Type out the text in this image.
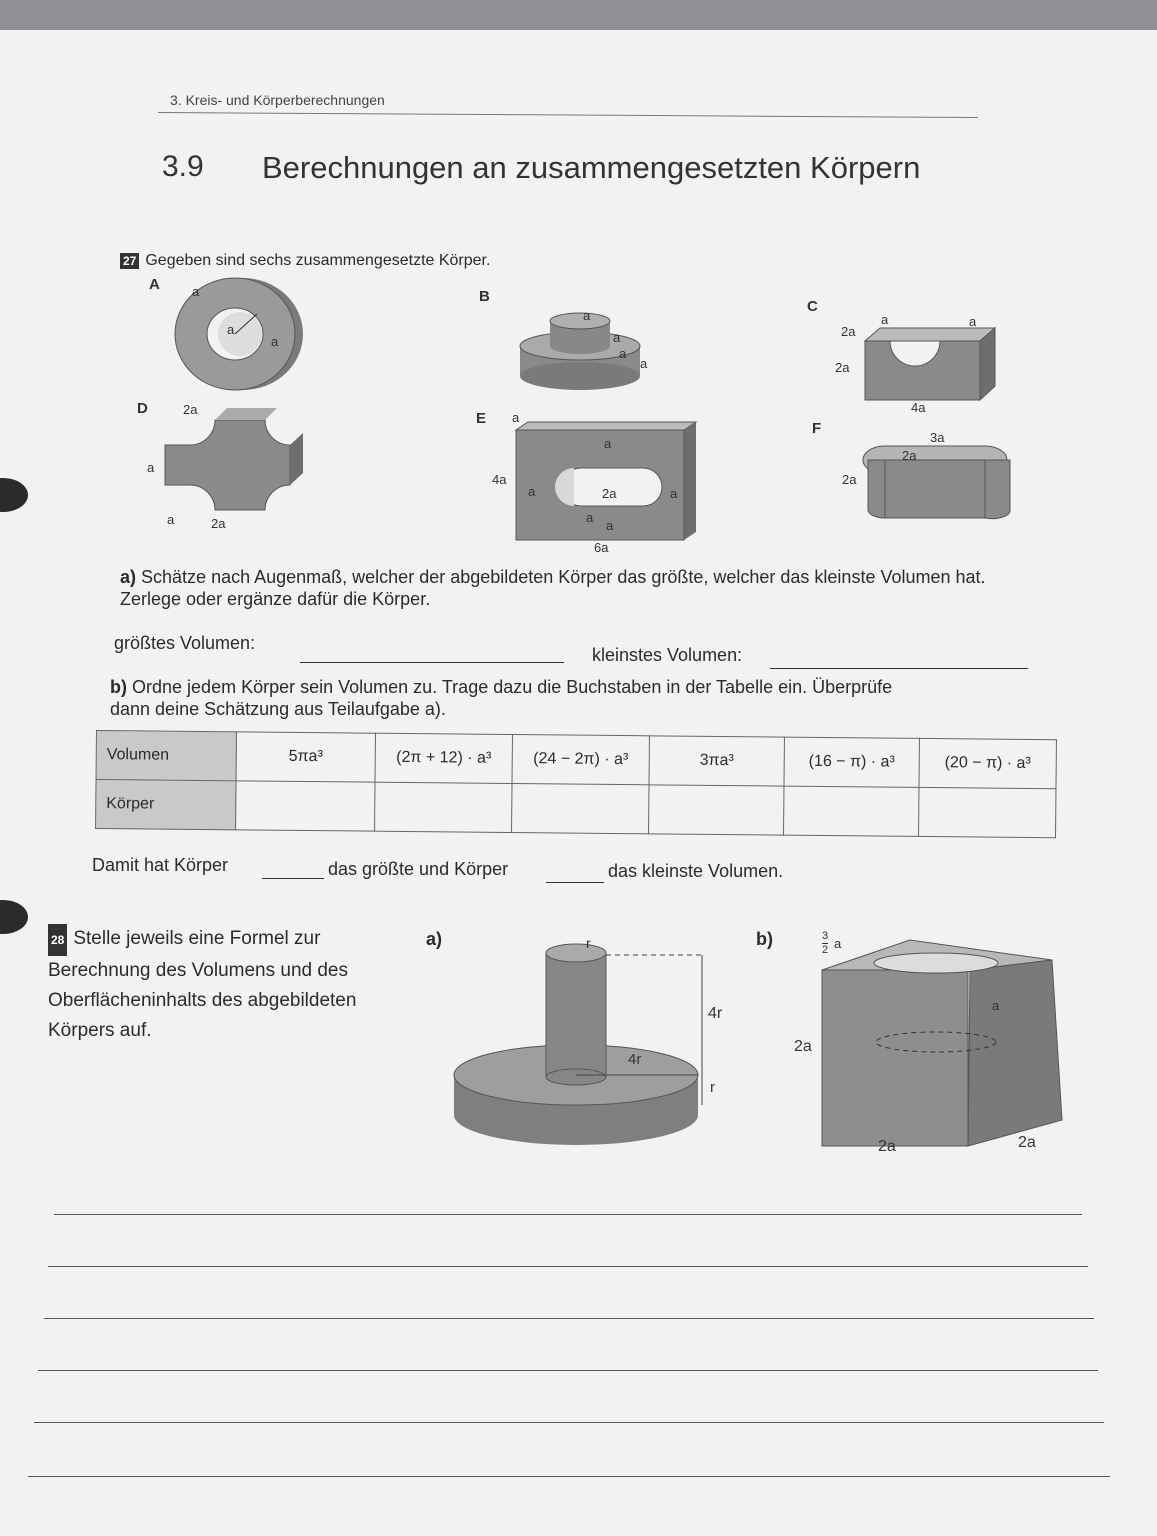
3. Kreis- und Körperberechnungen
3.9 Berechnungen an zusammengesetzten Körpern
27 Gegeben sind sechs zusammengesetzte Körper.
A a
a
a
B
a
a
a
a
C
2a
a	a
2a
4a
D	2a
a
a	2a
E a
a
4a
a	2a	a
a
a
6a
F
3a
2a
2a
a) Schätze nach Augenmaß, welcher der abgebildeten Körper das größte, welcher das kleinste Volumen hat. Zerlege oder ergänze dafür die Körper.
größtes Volumen:
kleinstes Volumen:
b) Ordne jedem Körper sein Volumen zu. Trage dazu die Buchstaben in der Tabelle ein. Überprüfe dann deine Schätzung aus Teilaufgabe a).
Volumen	5πa³	(2π + 12) · a³	(24 − 2π) · a³	3πa³	(16 − π) · a³	(20 − π) · a³
Körper						
Damit hat Körper	das größte und Körper	das kleinste Volumen.
28 Stelle jeweils eine Formel zur Berechnung des Volumens und des Oberflächeninhalts des abgebildeten Körpers auf.
a)	r
4r
4r
r
b)	3
2 a
a
2a
2a	2a
